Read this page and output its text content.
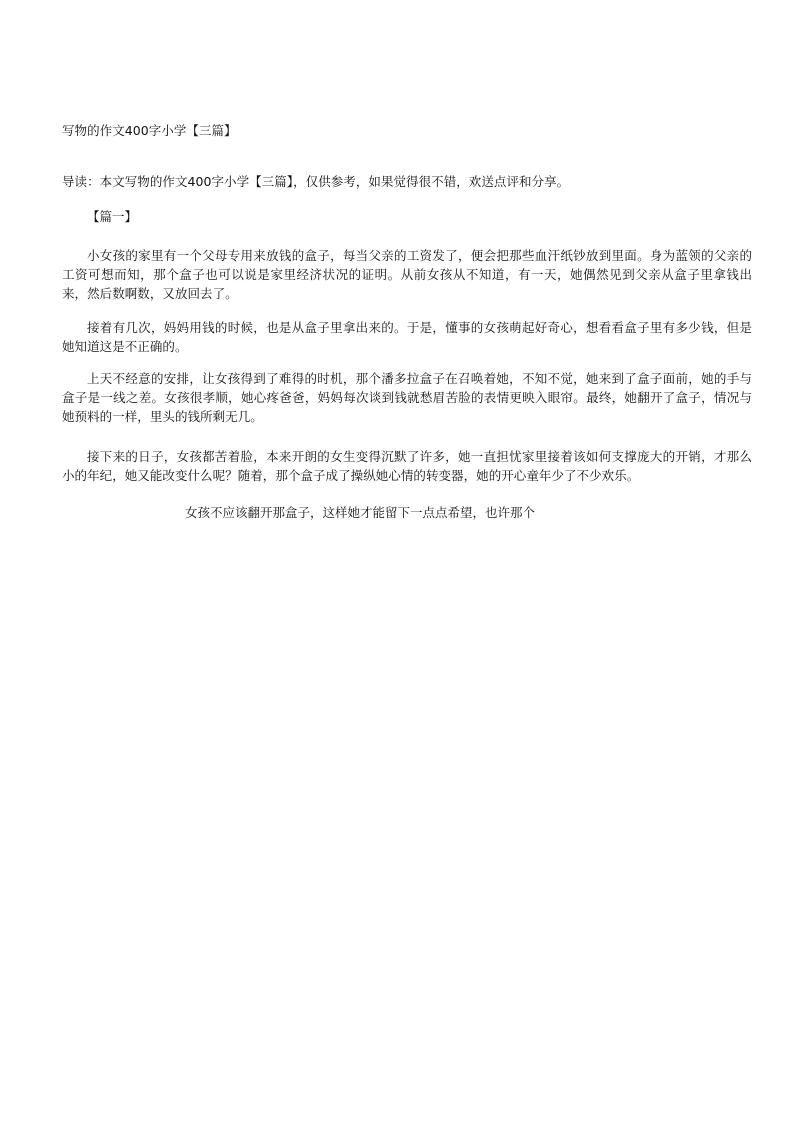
写物的作文400字小学【三篇】
导读：本文写物的作文400字小学【三篇】，仅供参考，如果觉得很不错，欢送点评和分享。
【篇一】
小女孩的家里有一个父母专用来放钱的盒子，每当父亲的工资发了，便会把那些血汗纸钞放到里面。身为蓝领的父亲的工资可想而知，那个盒子也可以说是家里经济状况的证明。从前女孩从不知道，有一天，她偶然见到父亲从盒子里拿钱出来，然后数啊数，又放回去了。
接着有几次，妈妈用钱的时候，也是从盒子里拿出来的。于是，懂事的女孩萌起好奇心，想看看盒子里有多少钱，但是她知道这是不正确的。
上天不经意的安排，让女孩得到了难得的时机，那个潘多拉盒子在召唤着她，不知不觉，她来到了盒子面前，她的手与盒子是一线之差。女孩很孝顺，她心疼爸爸，妈妈每次谈到钱就愁眉苦脸的表情更映入眼帘。最终，她翻开了盒子，情况与她预料的一样，里头的钱所剩无几。
接下来的日子，女孩都苦着脸，本来开朗的女生变得沉默了许多，她一直担忧家里接着该如何支撑庞大的开销，才那么小的年纪，她又能改变什么呢？随着，那个盒子成了操纵她心情的转变器，她的开心童年少了不少欢乐。
女孩不应该翻开那盒子，这样她才能留下一点点希望，也许那个
